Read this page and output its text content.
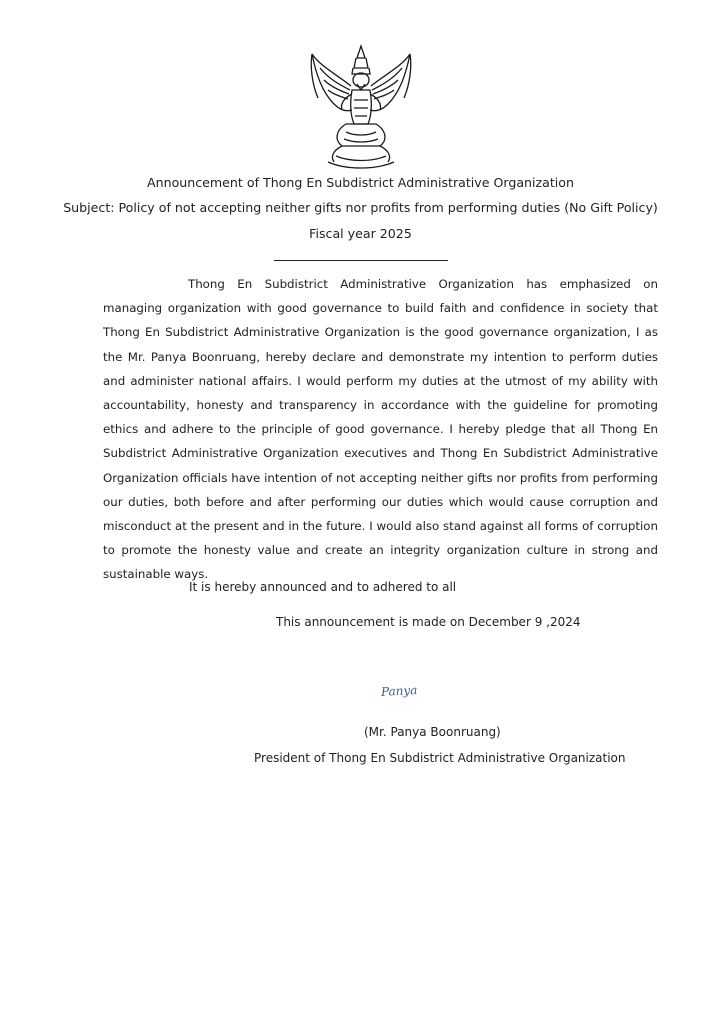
Announcement of Thong En Subdistrict Administrative Organization
Subject: Policy of not accepting neither gifts nor profits from performing duties (No Gift Policy)
Fiscal year 2025

Thong En Subdistrict Administrative Organization has emphasized on managing organization with good governance to build faith and confidence in society that Thong En Subdistrict Administrative Organization is the good governance organization, I as the Mr. Panya Boonruang, hereby declare and demonstrate my intention to perform duties and administer national affairs. I would perform my duties at the utmost of my ability with accountability, honesty and transparency in accordance with the guideline for promoting ethics and adhere to the principle of good governance. I hereby pledge that all Thong En Subdistrict Administrative Organization executives and Thong En Subdistrict Administrative Organization officials have intention of not accepting neither gifts nor profits from performing our duties, both before and after performing our duties which would cause corruption and misconduct at the present and in the future. I would also stand against all forms of corruption to promote the honesty value and create an integrity organization culture in strong and sustainable ways.

It is hereby announced and to adhered to all
This announcement is made on December 9 ,2024
Panya
(Mr. Panya Boonruang)
President of Thong En Subdistrict Administrative Organization
